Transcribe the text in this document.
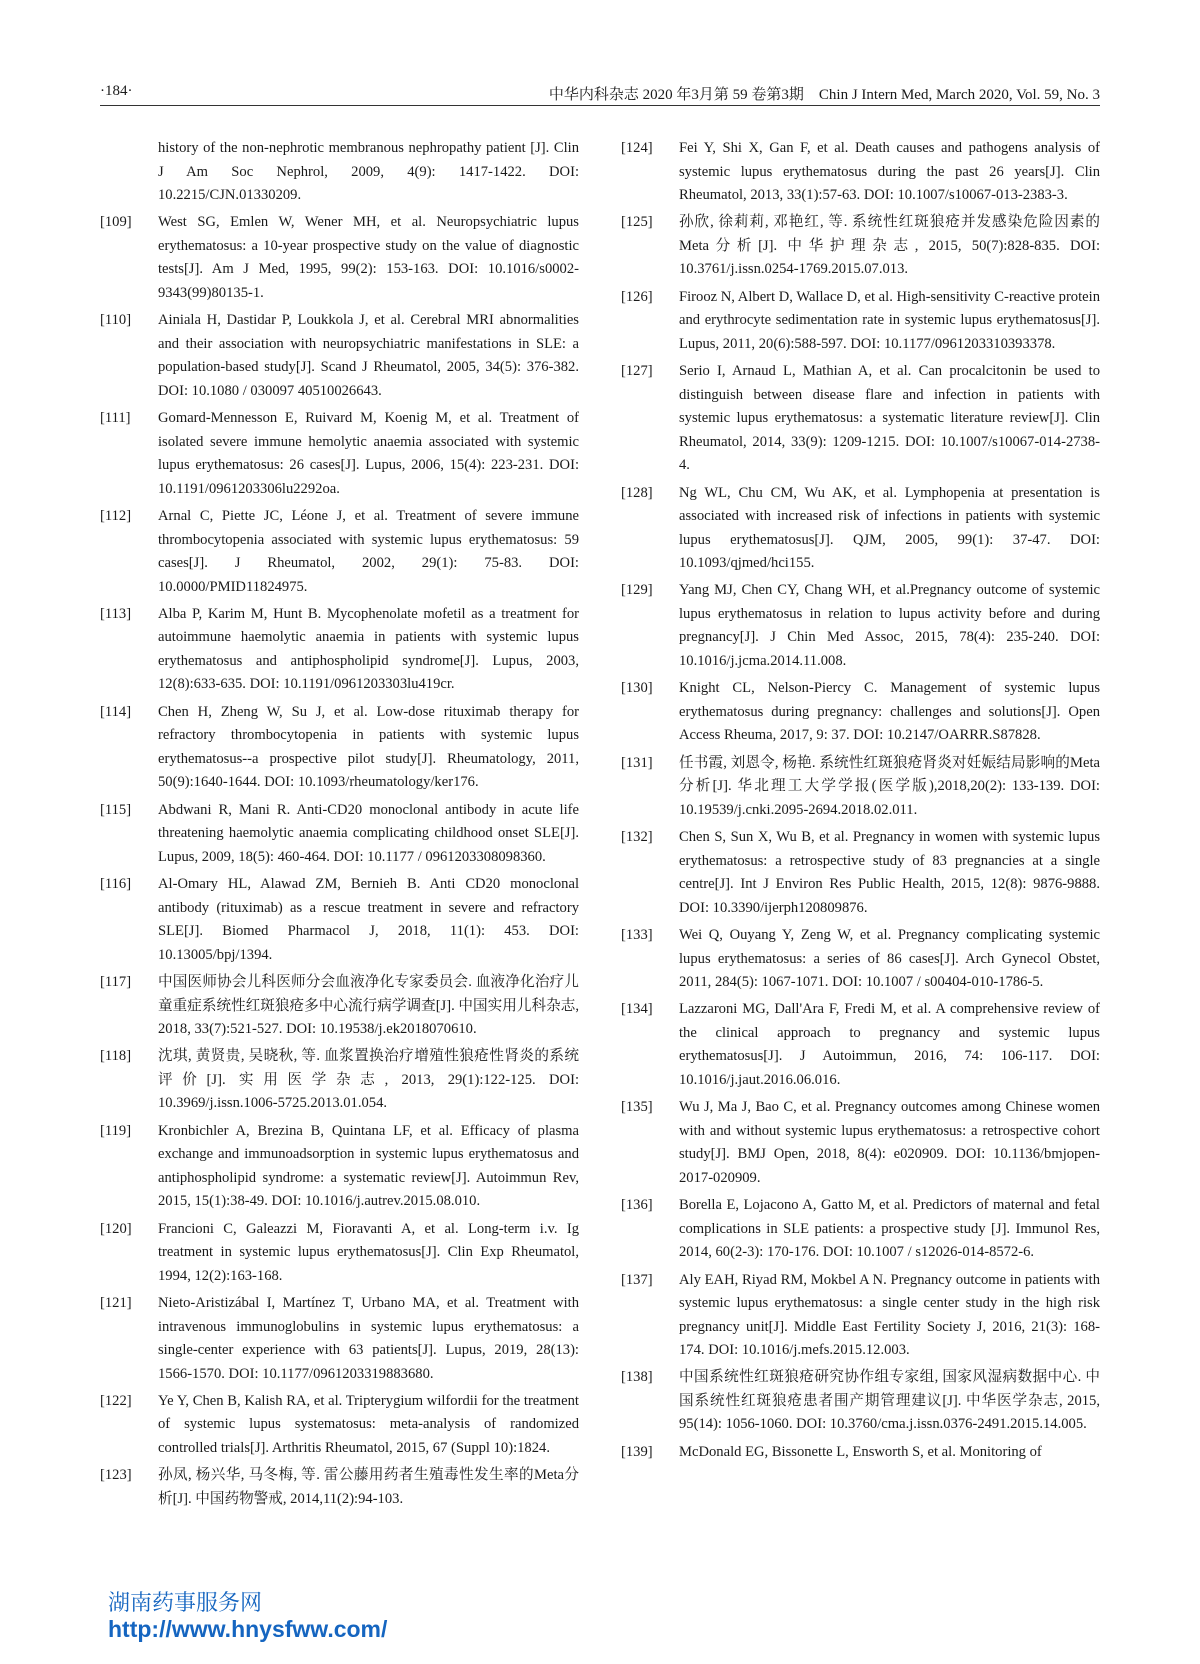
·184·	中华内科杂志 2020 年3月第 59 卷第3期　Chin J Intern Med, March 2020, Vol. 59, No. 3
history of the non-nephrotic membranous nephropathy patient [J]. Clin J Am Soc Nephrol, 2009, 4(9): 1417-1422. DOI: 10.2215/CJN.01330209.
[109] West SG, Emlen W, Wener MH, et al. Neuropsychiatric lupus erythematosus: a 10-year prospective study on the value of diagnostic tests[J]. Am J Med, 1995, 99(2): 153-163. DOI: 10.1016/s0002-9343(99)80135-1.
[110] Ainiala H, Dastidar P, Loukkola J, et al. Cerebral MRI abnormalities and their association with neuropsychiatric manifestations in SLE: a population-based study[J]. Scand J Rheumatol, 2005, 34(5): 376-382. DOI: 10.1080 / 030097 40510026643.
[111] Gomard-Mennesson E, Ruivard M, Koenig M, et al. Treatment of isolated severe immune hemolytic anaemia associated with systemic lupus erythematosus: 26 cases[J]. Lupus, 2006, 15(4): 223-231. DOI: 10.1191/0961203306lu2292oa.
[112] Arnal C, Piette JC, Léone J, et al. Treatment of severe immune thrombocytopenia associated with systemic lupus erythematosus: 59 cases[J]. J Rheumatol, 2002, 29(1): 75-83. DOI: 10.0000/PMID11824975.
[113] Alba P, Karim M, Hunt B. Mycophenolate mofetil as a treatment for autoimmune haemolytic anaemia in patients with systemic lupus erythematosus and antiphospholipid syndrome[J]. Lupus, 2003, 12(8):633-635. DOI: 10.1191/0961203303lu419cr.
[114] Chen H, Zheng W, Su J, et al. Low-dose rituximab therapy for refractory thrombocytopenia in patients with systemic lupus erythematosus--a prospective pilot study[J]. Rheumatology, 2011, 50(9):1640-1644. DOI: 10.1093/rheumatology/ker176.
[115] Abdwani R, Mani R. Anti-CD20 monoclonal antibody in acute life threatening haemolytic anaemia complicating childhood onset SLE[J]. Lupus, 2009, 18(5): 460-464. DOI: 10.1177 / 0961203308098360.
[116] Al-Omary HL, Alawad ZM, Bernieh B. Anti CD20 monoclonal antibody (rituximab) as a rescue treatment in severe and refractory SLE[J]. Biomed Pharmacol J, 2018, 11(1): 453. DOI: 10.13005/bpj/1394.
[117] 中国医师协会儿科医师分会血液净化专家委员会. 血液净化治疗儿童重症系统性红斑狼疮多中心流行病学调查[J]. 中国实用儿科杂志, 2018, 33(7):521-527. DOI: 10.19538/j.ek2018070610.
[118] 沈琪, 黄贤贵, 吴晓秋, 等. 血浆置换治疗增殖性狼疮性肾炎的系统评价[J]. 实用医学杂志, 2013, 29(1):122-125. DOI: 10.3969/j.issn.1006-5725.2013.01.054.
[119] Kronbichler A, Brezina B, Quintana LF, et al. Efficacy of plasma exchange and immunoadsorption in systemic lupus erythematosus and antiphospholipid syndrome: a systematic review[J]. Autoimmun Rev, 2015, 15(1):38-49. DOI: 10.1016/j.autrev.2015.08.010.
[120] Francioni C, Galeazzi M, Fioravanti A, et al. Long-term i.v. Ig treatment in systemic lupus erythematosus[J]. Clin Exp Rheumatol, 1994, 12(2):163-168.
[121] Nieto-Aristizábal I, Martínez T, Urbano MA, et al. Treatment with intravenous immunoglobulins in systemic lupus erythematosus: a single-center experience with 63 patients[J]. Lupus, 2019, 28(13): 1566-1570. DOI: 10.1177/0961203319883680.
[122] Ye Y, Chen B, Kalish RA, et al. Tripterygium wilfordii for the treatment of systemic lupus systematosus: meta-analysis of randomized controlled trials[J]. Arthritis Rheumatol, 2015, 67 (Suppl 10):1824.
[123] 孙凤, 杨兴华, 马冬梅, 等. 雷公藤用药者生殖毒性发生率的Meta分析[J]. 中国药物警戒, 2014,11(2):94-103.
[124] Fei Y, Shi X, Gan F, et al. Death causes and pathogens analysis of systemic lupus erythematosus during the past 26 years[J]. Clin Rheumatol, 2013, 33(1):57-63. DOI: 10.1007/s10067-013-2383-3.
[125] 孙欣, 徐莉莉, 邓艳红, 等. 系统性红斑狼疮并发感染危险因素的Meta分析[J]. 中华护理杂志, 2015, 50(7):828-835. DOI: 10.3761/j.issn.0254-1769.2015.07.013.
[126] Firooz N, Albert D, Wallace D, et al. High-sensitivity C-reactive protein and erythrocyte sedimentation rate in systemic lupus erythematosus[J]. Lupus, 2011, 20(6):588-597. DOI: 10.1177/0961203310393378.
[127] Serio I, Arnaud L, Mathian A, et al. Can procalcitonin be used to distinguish between disease flare and infection in patients with systemic lupus erythematosus: a systematic literature review[J]. Clin Rheumatol, 2014, 33(9): 1209-1215. DOI: 10.1007/s10067-014-2738-4.
[128] Ng WL, Chu CM, Wu AK, et al. Lymphopenia at presentation is associated with increased risk of infections in patients with systemic lupus erythematosus[J]. QJM, 2005, 99(1): 37-47. DOI: 10.1093/qjmed/hci155.
[129] Yang MJ, Chen CY, Chang WH, et al.Pregnancy outcome of systemic lupus erythematosus in relation to lupus activity before and during pregnancy[J]. J Chin Med Assoc, 2015, 78(4): 235-240. DOI: 10.1016/j.jcma.2014.11.008.
[130] Knight CL, Nelson-Piercy C. Management of systemic lupus erythematosus during pregnancy: challenges and solutions[J]. Open Access Rheuma, 2017, 9: 37. DOI: 10.2147/OARRR.S87828.
[131] 任书霞, 刘恩令, 杨艳. 系统性红斑狼疮肾炎对妊娠结局影响的Meta分析[J]. 华北理工大学学报(医学版),2018,20(2): 133-139. DOI: 10.19539/j.cnki.2095-2694.2018.02.011.
[132] Chen S, Sun X, Wu B, et al. Pregnancy in women with systemic lupus erythematosus: a retrospective study of 83 pregnancies at a single centre[J]. Int J Environ Res Public Health, 2015, 12(8): 9876-9888. DOI: 10.3390/ijerph120809876.
[133] Wei Q, Ouyang Y, Zeng W, et al. Pregnancy complicating systemic lupus erythematosus: a series of 86 cases[J]. Arch Gynecol Obstet, 2011, 284(5): 1067-1071. DOI: 10.1007 / s00404-010-1786-5.
[134] Lazzaroni MG, Dall'Ara F, Fredi M, et al. A comprehensive review of the clinical approach to pregnancy and systemic lupus erythematosus[J]. J Autoimmun, 2016, 74: 106-117. DOI: 10.1016/j.jaut.2016.06.016.
[135] Wu J, Ma J, Bao C, et al. Pregnancy outcomes among Chinese women with and without systemic lupus erythematosus: a retrospective cohort study[J]. BMJ Open, 2018, 8(4): e020909. DOI: 10.1136/bmjopen-2017-020909.
[136] Borella E, Lojacono A, Gatto M, et al. Predictors of maternal and fetal complications in SLE patients: a prospective study [J]. Immunol Res, 2014, 60(2-3): 170-176. DOI: 10.1007 / s12026-014-8572-6.
[137] Aly EAH, Riyad RM, Mokbel A N. Pregnancy outcome in patients with systemic lupus erythematosus: a single center study in the high risk pregnancy unit[J]. Middle East Fertility Society J, 2016, 21(3): 168-174. DOI: 10.1016/j.mefs.2015.12.003.
[138] 中国系统性红斑狼疮研究协作组专家组, 国家风湿病数据中心. 中国系统性红斑狼疮患者围产期管理建议[J]. 中华医学杂志, 2015, 95(14): 1056-1060. DOI: 10.3760/cma.j.issn.0376-2491.2015.14.005.
[139] McDonald EG, Bissonette L, Ensworth S, et al. Monitoring of
湖南药事服务网
http://www.hnysfww.com/
